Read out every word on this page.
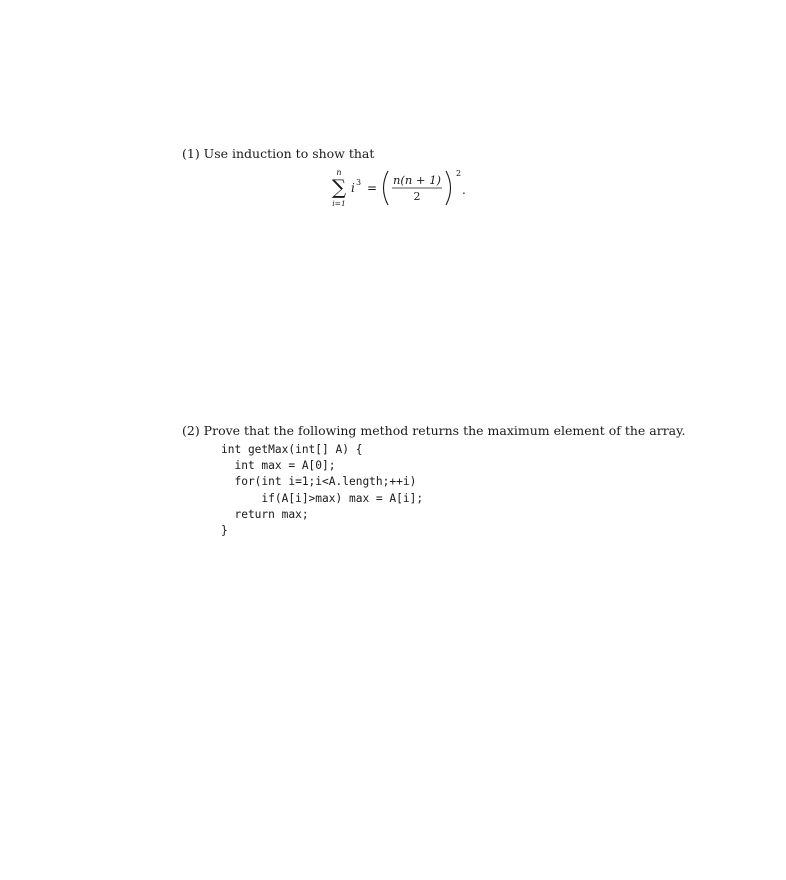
(1) Use induction to show that
n
∑
i=1
i 3 =
n(n + 1)
2
2
.
(2) Prove that the following method returns the maximum element of the array.
int getMax(int[] A) {
int max = A[0];
for(int i=1;i<A.length;++i)
if(A[i]>max) max = A[i];
return max;
}
